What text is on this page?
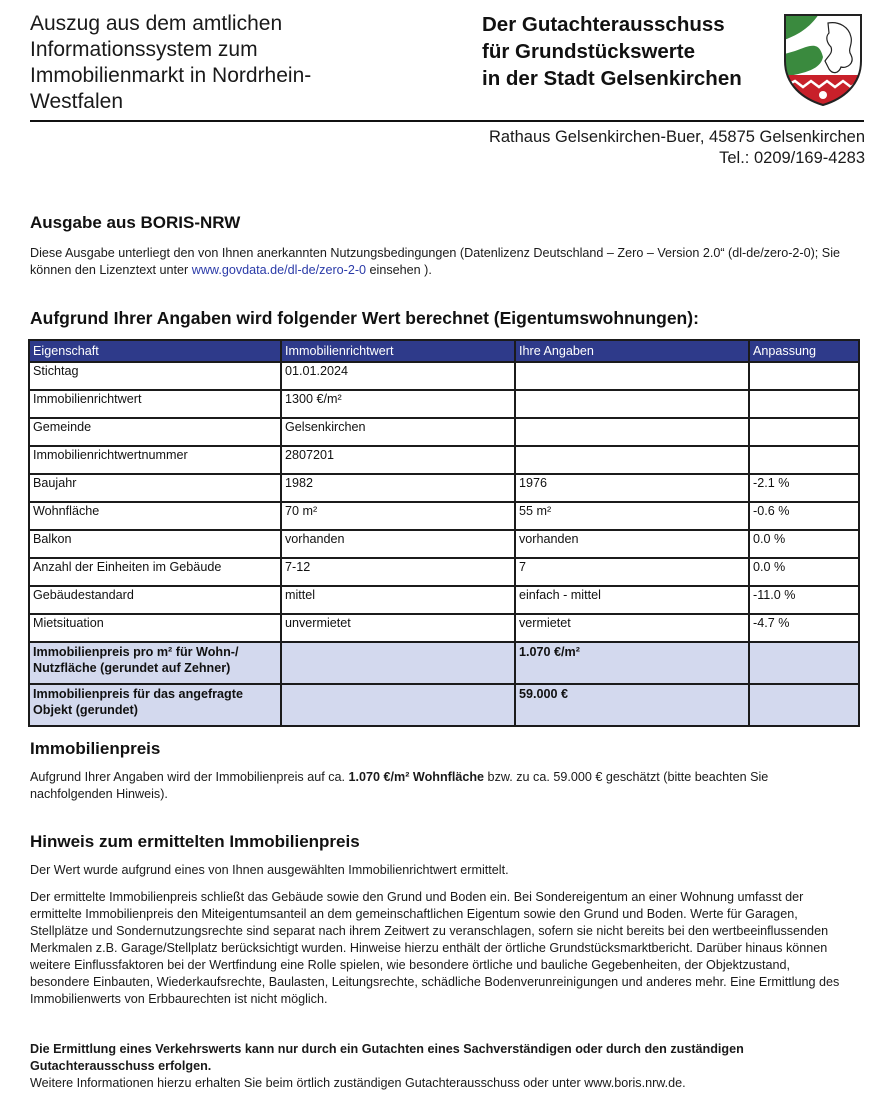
Auszug aus dem amtlichen
Informationssystem zum
Immobilienmarkt in Nordrhein-
Westfalen
Der Gutachterausschuss
für Grundstückswerte
in der Stadt Gelsenkirchen
Rathaus Gelsenkirchen-Buer, 45875 Gelsenkirchen
Tel.: 0209/169-4283
Ausgabe aus BORIS-NRW
Diese Ausgabe unterliegt den von Ihnen anerkannten Nutzungsbedingungen (Datenlizenz Deutschland – Zero – Version 2.0“ (dl-de/zero-2-0); Sie können den Lizenztext unter www.govdata.de/dl-de/zero-2-0 einsehen ).
Aufgrund Ihrer Angaben wird folgender Wert berechnet (Eigentumswohnungen):
Eigenschaft	Immobilienrichtwert	Ihre Angaben	Anpassung
Stichtag	01.01.2024		
Immobilienrichtwert	1300 €/m²		
Gemeinde	Gelsenkirchen		
Immobilienrichtwertnummer	2807201		
Baujahr	1982	1976	-2.1 %
Wohnfläche	70 m²	55 m²	-0.6 %
Balkon	vorhanden	vorhanden	0.0 %
Anzahl der Einheiten im Gebäude	7-12	7	0.0 %
Gebäudestandard	mittel	einfach - mittel	-11.0 %
Mietsituation	unvermietet	vermietet	-4.7 %
Immobilienpreis pro m² für Wohn-/ Nutzfläche (gerundet auf Zehner)		1.070 €/m²	
Immobilienpreis für das angefragte Objekt (gerundet)		59.000 €	
Immobilienpreis
Aufgrund Ihrer Angaben wird der Immobilienpreis auf ca. 1.070 €/m² Wohnfläche bzw. zu ca. 59.000 € geschätzt (bitte beachten Sie nachfolgenden Hinweis).
Hinweis zum ermittelten Immobilienpreis
Der Wert wurde aufgrund eines von Ihnen ausgewählten Immobilienrichtwert ermittelt.
Der ermittelte Immobilienpreis schließt das Gebäude sowie den Grund und Boden ein. Bei Sondereigentum an einer Wohnung umfasst der ermittelte Immobilienpreis den Miteigentumsanteil an dem gemeinschaftlichen Eigentum sowie den Grund und Boden. Werte für Garagen, Stellplätze und Sondernutzungsrechte sind separat nach ihrem Zeitwert zu veranschlagen, sofern sie nicht bereits bei den wertbeeinflussenden Merkmalen z.B. Garage/Stellplatz berücksichtigt wurden. Hinweise hierzu enthält der örtliche Grundstücksmarktbericht. Darüber hinaus können weitere Einflussfaktoren bei der Wertfindung eine Rolle spielen, wie besondere örtliche und bauliche Gegebenheiten, der Objektzustand, besondere Einbauten, Wiederkaufsrechte, Baulasten, Leitungsrechte, schädliche Bodenverunreinigungen und anderes mehr. Eine Ermittlung des Immobilienwerts von Erbbaurechten ist nicht möglich.
Die Ermittlung eines Verkehrswerts kann nur durch ein Gutachten eines Sachverständigen oder durch den zuständigen Gutachterausschuss erfolgen.
Weitere Informationen hierzu erhalten Sie beim örtlich zuständigen Gutachterausschuss oder unter www.boris.nrw.de.
